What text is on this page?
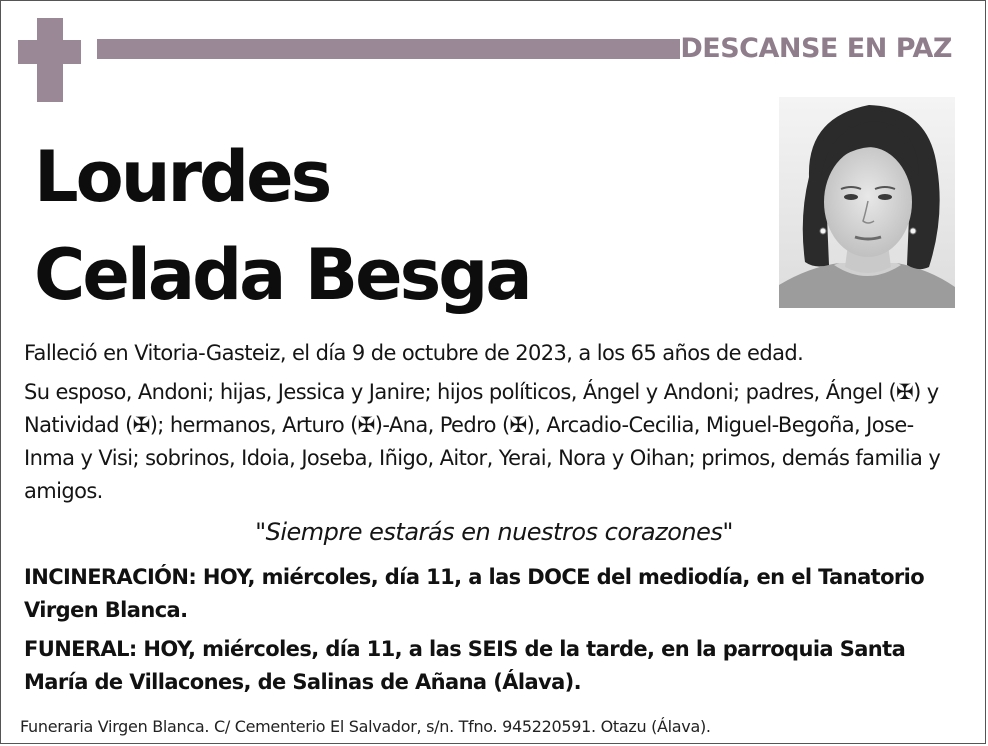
DESCANSE EN PAZ
Lourdes
Celada Besga
Falleció en Vitoria-Gasteiz, el día 9 de octubre de 2023, a los 65 años de edad.
Su esposo, Andoni; hijas, Jessica y Janire; hijos políticos, Ángel y Andoni; padres, Ángel (✠) y Natividad (✠); hermanos, Arturo (✠)-Ana, Pedro (✠), Arcadio-Cecilia, Miguel-Begoña, Jose-Inma y Visi; sobrinos, Idoia, Joseba, Iñigo, Aitor, Yerai, Nora y Oihan; primos, demás familia y amigos.
"Siempre estarás en nuestros corazones"
INCINERACIÓN: HOY, miércoles, día 11, a las DOCE del mediodía, en el Tanatorio Virgen Blanca.
FUNERAL: HOY, miércoles, día 11, a las SEIS de la tarde, en la parroquia Santa María de Villacones, de Salinas de Añana (Álava).
Funeraria Virgen Blanca. C/ Cementerio El Salvador, s/n. Tfno. 945220591. Otazu (Álava).
